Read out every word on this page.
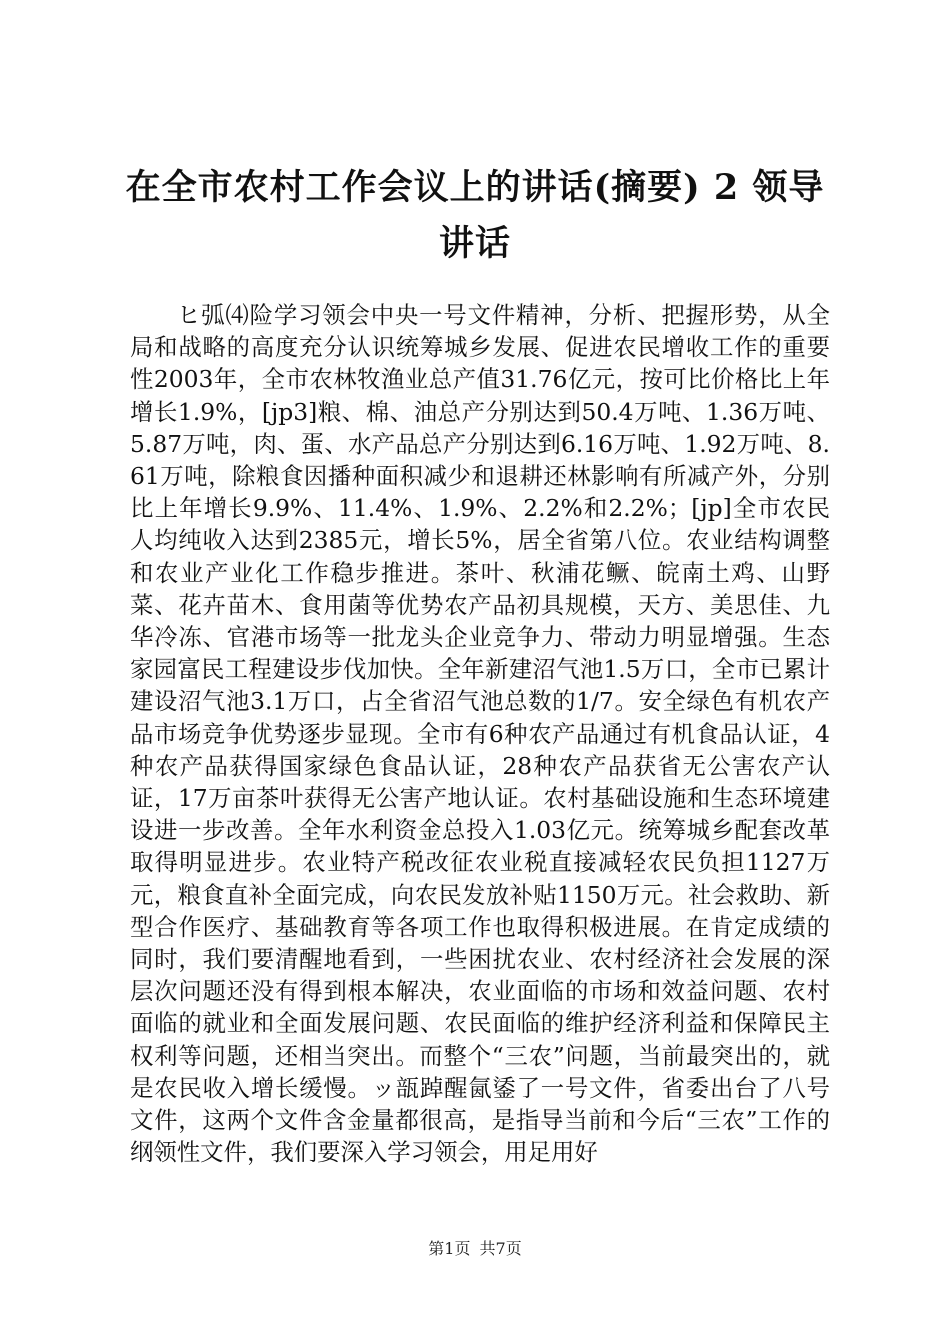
在全市农村工作会议上的讲话(摘要) 2 领导讲话

ヒ弧⑷险学习领会中央一号文件精神，分析、把握形势，从全局和战略的高度充分认识统筹城乡发展、促进农民增收工作的重要性2003年，全市农林牧渔业总产值31.76亿元，按可比价格比上年增长1.9%，[jp3]粮、棉、油总产分别达到50.4万吨、1.36万吨、5.87万吨，肉、蛋、水产品总产分别达到6.16万吨、1.92万吨、8.61万吨，除粮食因播种面积减少和退耕还林影响有所减产外，分别比上年增长9.9%、11.4%、1.9%、2.2%和2.2%；[jp]全市农民人均纯收入达到2385元，增长5%，居全省第八位。农业结构调整和农业产业化工作稳步推进。茶叶、秋浦花鳜、皖南土鸡、山野菜、花卉苗木、食用菌等优势农产品初具规模，天方、美思佳、九华冷冻、官港市场等一批龙头企业竞争力、带动力明显增强。生态家园富民工程建设步伐加快。全年新建沼气池1.5万口，全市已累计建设沼气池3.1万口，占全省沼气池总数的1/7。安全绿色有机农产品市场竞争优势逐步显现。全市有6种农产品通过有机食品认证，4种农产品获得国家绿色食品认证，28种农产品获省无公害农产认证，17万亩茶叶获得无公害产地认证。农村基础设施和生态环境建设进一步改善。全年水利资金总投入1.03亿元。统筹城乡配套改革取得明显进步。农业特产税改征农业税直接减轻农民负担1127万元，粮食直补全面完成，向农民发放补贴1150万元。社会救助、新型合作医疗、基础教育等各项工作也取得积极进展。在肯定成绩的同时，我们要清醒地看到，一些困扰农业、农村经济社会发展的深层次问题还没有得到根本解决，农业面临的市场和效益问题、农村面临的就业和全面发展问题、农民面临的维护经济利益和保障民主权利等问题，还相当突出。而整个“三农”问题，当前最突出的，就是农民收入增长缓慢。ッ瓿踔醒氤鋈了一号文件，省委出台了八号文件，这两个文件含金量都很高，是指导当前和今后“三农”工作的纲领性文件，我们要深入学习领会，用足用好

第1页 共7页
